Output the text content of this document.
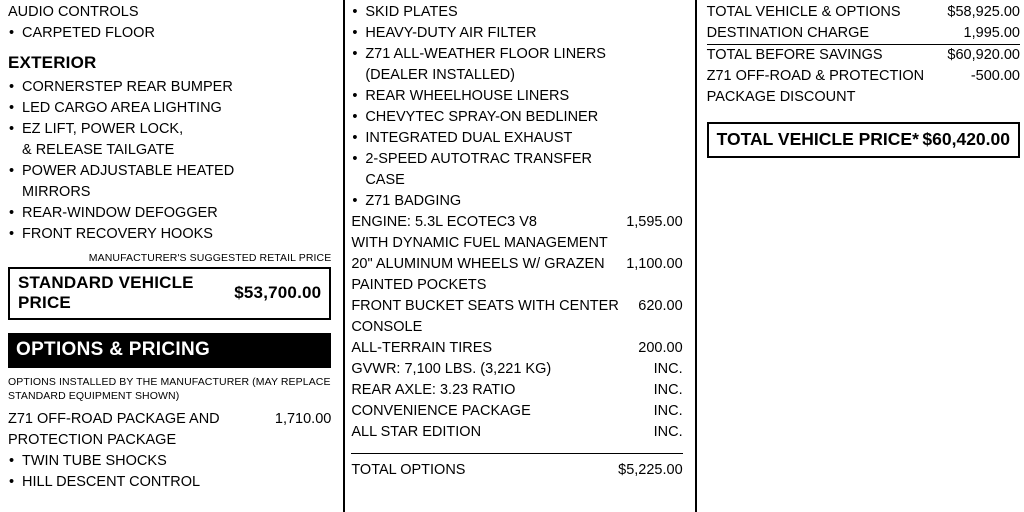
AUDIO CONTROLS
• CARPETED FLOOR
EXTERIOR
• CORNERSTEP REAR BUMPER
• LED CARGO AREA LIGHTING
• EZ LIFT, POWER LOCK,
& RELEASE TAILGATE
• POWER ADJUSTABLE HEATED
MIRRORS
• REAR-WINDOW DEFOGGER
• FRONT RECOVERY HOOKS
MANUFACTURER'S SUGGESTED RETAIL PRICE
STANDARD VEHICLE PRICE
$53,700.00
OPTIONS & PRICING
OPTIONS INSTALLED BY THE MANUFACTURER (MAY REPLACE
STANDARD EQUIPMENT SHOWN)
Z71 OFF-ROAD PACKAGE AND	1,710.00
PROTECTION PACKAGE
• TWIN TUBE SHOCKS
• HILL DESCENT CONTROL
• SKID PLATES
• HEAVY-DUTY AIR FILTER
• Z71 ALL-WEATHER FLOOR LINERS
(DEALER INSTALLED)
• REAR WHEELHOUSE LINERS
• CHEVYTEC SPRAY-ON BEDLINER
• INTEGRATED DUAL EXHAUST
• 2-SPEED AUTOTRAC TRANSFER
CASE
• Z71 BADGING
ENGINE: 5.3L ECOTEC3 V8	1,595.00
WITH DYNAMIC FUEL MANAGEMENT
20" ALUMINUM WHEELS W/ GRAZEN	1,100.00
PAINTED POCKETS
FRONT BUCKET SEATS WITH CENTER	620.00
CONSOLE
ALL-TERRAIN TIRES	200.00
GVWR: 7,100 LBS. (3,221 KG)	INC.
REAR AXLE: 3.23 RATIO	INC.
CONVENIENCE PACKAGE	INC.
ALL STAR EDITION	INC.
TOTAL OPTIONS	$5,225.00
TOTAL VEHICLE & OPTIONS	$58,925.00
DESTINATION CHARGE	1,995.00
TOTAL BEFORE SAVINGS	$60,920.00
Z71 OFF-ROAD & PROTECTION	-500.00
PACKAGE DISCOUNT
TOTAL VEHICLE PRICE* $60,420.00
